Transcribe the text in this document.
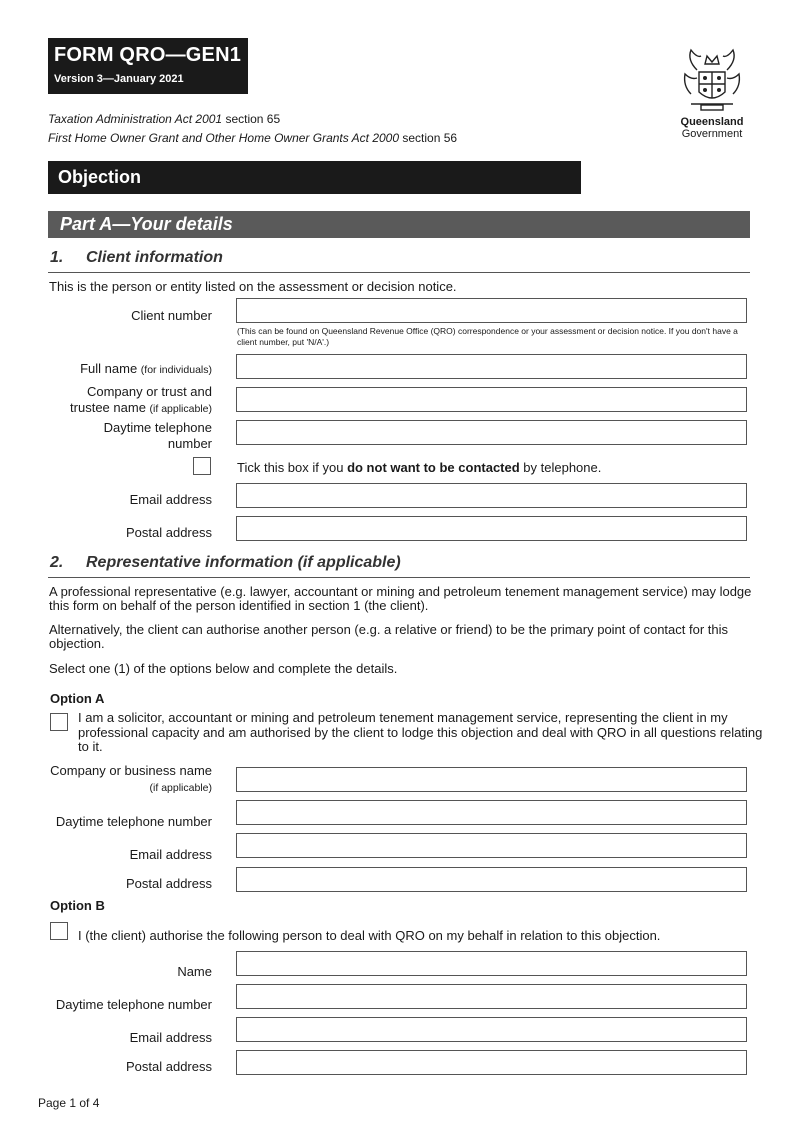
FORM QRO—GEN1
Version 3—January 2021
Taxation Administration Act 2001 section 65
First Home Owner Grant and Other Home Owner Grants Act 2000 section 56
Queensland
Government
Objection
Part A—Your details
1. Client information
This is the person or entity listed on the assessment or decision notice.
Client number
(This can be found on Queensland Revenue Office (QRO) correspondence or your assessment or decision notice. If you don't have a client number, put 'N/A'.)
Full name (for individuals)
Company or trust and
trustee name (if applicable)
Daytime telephone
number
Tick this box if you do not want to be contacted by telephone.
Email address
Postal address
2. Representative information (if applicable)
A professional representative (e.g. lawyer, accountant or mining and petroleum tenement management service) may lodge this form on behalf of the person identified in section 1 (the client).
Alternatively, the client can authorise another person (e.g. a relative or friend) to be the primary point of contact for this objection.
Select one (1) of the options below and complete the details.
Option A
I am a solicitor, accountant or mining and petroleum tenement management service, representing the client in my professional capacity and am authorised by the client to lodge this objection and deal with QRO in all questions relating to it.
Company or business name
(if applicable)
Daytime telephone number
Email address
Postal address
Option B
I (the client) authorise the following person to deal with QRO on my behalf in relation to this objection.
Name
Daytime telephone number
Email address
Postal address
Page 1 of 4
